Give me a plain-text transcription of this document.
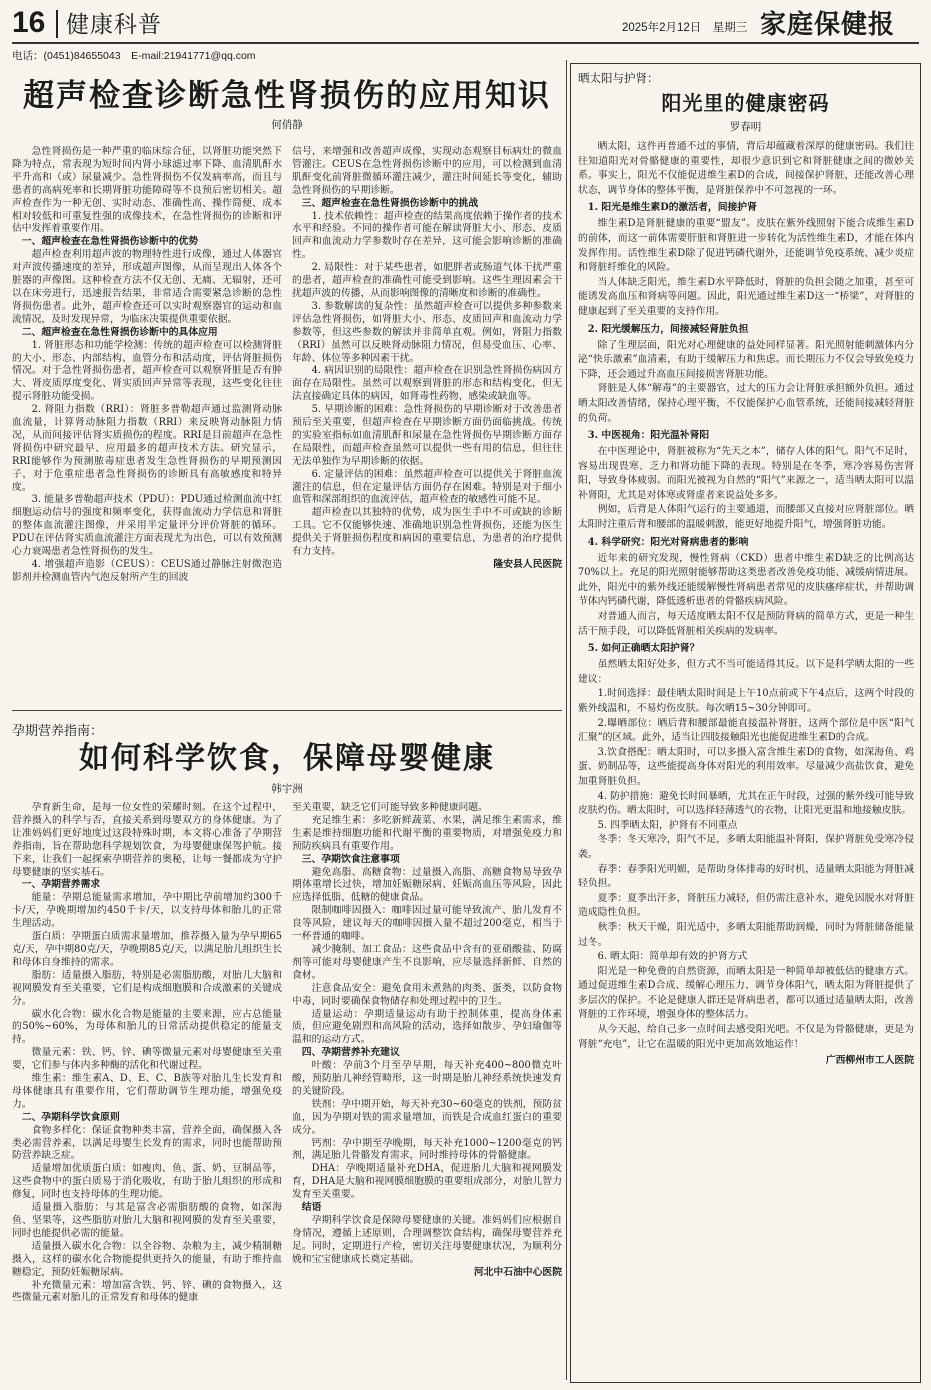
16 健康科普	2025年2月12日　星期三 家庭保健报
电话：(0451)84655043　E-mail:21941771@qq.com
超声检查诊断急性肾损伤的应用知识
何俏静

急性肾损伤是一种严重的临床综合征，以肾脏功能突然下降为特点，常表现为短时间内肾小球滤过率下降、血清肌酐水平升高和（或）尿量减少。急性肾损伤不仅发病率高，而且与患者的高病死率和长期肾脏功能障碍等不良预后密切相关。超声检查作为一种无创、实时动态、准确性高、操作简便、成本相对较低和可重复性强的成像技术，在急性肾损伤的诊断和评估中发挥着重要作用。

一、超声检查在急性肾损伤诊断中的优势

超声检查利用超声波的物理特性进行成像，通过人体器官对声波传播速度的差异，形成超声图像，从而呈现出人体各个脏器的声像图。这种检查方法不仅无创、无痛、无辐射，还可以在床旁进行，迅速报告结果，非常适合需要紧急诊断的急性肾损伤患者。此外，超声检查还可以实时观察器官的运动和血流情况，及时发现异常，为临床决策提供重要依据。

二、超声检查在急性肾损伤诊断中的具体应用

1. 肾脏形态和功能学检测：传统的超声检查可以检测肾脏的大小、形态、内部结构、血管分布和活动度，评估肾脏损伤情况。对于急性肾损伤患者，超声检查可以观察肾脏是否有肿大、肾皮质厚度变化、肾实质回声异常等表现，这些变化往往提示肾脏功能受损。

2. 肾阻力指数（RRI）：肾脏多普勒超声通过监测肾动脉血流量，计算肾动脉阻力指数（RRI）来反映肾动脉阻力情况，从而间接评估肾实质损伤的程度。RRI是目前超声在急性肾损伤中研究最早、应用最多的超声技术方法。研究显示，RRI能够作为预测脓毒症患者发生急性肾损伤的早期预测因子，对于危重症患者急性肾损伤的诊断具有高敏感度和特异度。

3. 能量多普勒超声技术（PDU）：PDU通过检测血流中红细胞运动信号的强度和频率变化，获得血流动力学信息和肾脏的整体血流灌注图像，并采用半定量评分评价肾脏的循环。PDU在评估肾实质血流灌注方面表现尤为出色，可以有效预测心力衰竭患者急性肾损伤的发生。

4. 增强超声造影（CEUS）：CEUS通过静脉注射微泡造影剂并检测血管内气泡反射所产生的回波

信号，来增强和改善超声成像，实现动态观察目标病灶的微血管灌注。CEUS在急性肾损伤诊断中的应用，可以检测到血清肌酐变化前肾脏微循环灌注减少，灌注时间延长等变化，辅助急性肾损伤的早期诊断。

三、超声检查在急性肾损伤诊断中的挑战

1. 技术依赖性：超声检查的结果高度依赖于操作者的技术水平和经验。不同的操作者可能在解读肾脏大小、形态、皮质回声和血流动力学参数时存在差异，这可能会影响诊断的准确性。

2. 局限性：对于某些患者，如肥胖者或肠道气体干扰严重的患者，超声检查的准确性可能受到影响。这些生理因素会干扰超声波的传播，从而影响图像的清晰度和诊断的准确性。

3. 参数解读的复杂性：虽然超声检查可以提供多种参数来评估急性肾损伤，如肾脏大小、形态、皮质回声和血流动力学参数等，但这些参数的解读并非简单直观。例如，肾阻力指数（RRI）虽然可以反映肾动脉阻力情况，但易受血压、心率、年龄、体位等多种因素干扰。

4. 病因识别的局限性：超声检查在识别急性肾损伤病因方面存在局限性。虽然可以观察到肾脏的形态和结构变化，但无法直接确定具体的病因，如肾毒性药物、感染或缺血等。

5. 早期诊断的困难：急性肾损伤的早期诊断对于改善患者预后至关重要，但超声检查在早期诊断方面仍面临挑战。传统的实验室指标如血清肌酐和尿量在急性肾损伤早期诊断方面存在局限性，而超声检查虽然可以提供一些有用的信息，但往往无法单独作为早期诊断的依据。

6. 定量评估的困难：虽然超声检查可以提供关于肾脏血流灌注的信息，但在定量评估方面仍存在困难。特别是对于细小血管和深部组织的血流评估，超声检查的敏感性可能不足。

超声检查以其独特的优势，成为医生手中不可或缺的诊断工具。它不仅能够快速、准确地识别急性肾损伤，还能为医生提供关于肾脏损伤程度和病因的重要信息，为患者的治疗提供有力支持。

隆安县人民医院

孕期营养指南：
如何科学饮食，保障母婴健康
韩宇洲

孕育新生命，是每一位女性的荣耀时刻。在这个过程中，营养摄入的科学与否，直接关系到母婴双方的身体健康。为了让准妈妈们更好地度过这段特殊时期，本文将心准备了孕期营养指南，旨在帮助您科学规划饮食，为母婴健康保驾护航。接下来，让我们一起探索孕期营养的奥秘，让每一餐都成为守护母婴健康的坚实基石。

一、孕期营养需求

能量：孕期总能量需求增加，孕中期比孕前增加约300千卡/天，孕晚期增加约450千卡/天，以支持母体和胎儿的正常生理活动。

蛋白质：孕期蛋白质需求量增加，推荐摄入量为孕早期65克/天，孕中期80克/天，孕晚期85克/天，以满足胎儿组织生长和母体自身维持的需求。

脂肪：适量摄入脂肪，特别是必需脂肪酸，对胎儿大脑和视网膜发育至关重要，它们是构成细胞膜和合成激素的关键成分。

碳水化合物：碳水化合物是能量的主要来源，应占总能量的50%~60%，为母体和胎儿的日常活动提供稳定的能量支持。

微量元素：铁、钙、锌、碘等微量元素对母婴健康至关重要，它们参与体内多种酶的活化和代谢过程。

维生素：维生素A、D、E、C、B族等对胎儿生长发育和母体健康具有重要作用，它们帮助调节生理功能，增强免疫力。

二、孕期科学饮食原则

食物多样化：保证食物种类丰富，营养全面，确保摄入各类必需营养素，以满足母婴生长发育的需求，同时也能帮助预防营养缺乏症。

适量增加优质蛋白质：如瘦肉、鱼、蛋、奶、豆制品等，这些食物中的蛋白质易于消化吸收，有助于胎儿组织的形成和修复，同时也支持母体的生理功能。

适量摄入脂肪：与其是富含必需脂肪酸的食物，如深海鱼、坚果等，这些脂肪对胎儿大脑和视网膜的发育至关重要，同时也能提供必需的能量。

适量摄入碳水化合物：以全谷物、杂粮为主，减少精制糖摄入，这样的碳水化合物能提供更持久的能量，有助于维持血糖稳定，预防妊娠糖尿病。

补充微量元素：增加富含铁、钙、锌、碘的食物摄入，这些微量元素对胎儿的正常发育和母体的健康

至关重要，缺乏它们可能导致多种健康问题。

充足维生素：多吃新鲜蔬菜、水果，满足维生素需求，维生素是维持细胞功能和代谢平衡的重要物质，对增强免疫力和预防疾病具有重要作用。

三、孕期饮食注意事项

避免高脂、高糖食物：过量摄入高脂、高糖食物易导致孕期体重增长过快，增加妊娠糖尿病、妊娠高血压等风险，因此应选择低脂、低糖的健康食品。

限制咖啡因摄入：咖啡因过量可能导致流产、胎儿发育不良等风险，建议每天的咖啡因摄入量不超过200毫克，相当于一杯普通的咖啡。

减少腌制、加工食品：这些食品中含有的亚硝酸盐、防腐剂等可能对母婴健康产生不良影响，应尽量选择新鲜、自然的食材。

注意食品安全：避免食用未煮熟的肉类、蛋类，以防食物中毒，同时要确保食物储存和处理过程中的卫生。

适量运动：孕期适量运动有助于控制体重，提高身体素质，但应避免剧烈和高风险的活动，选择如散步、孕妇瑜伽等温和的运动方式。

四、孕期营养补充建议

叶酸：孕前3个月至孕早期，每天补充400~800微克叶酸，预防胎儿神经管畸形，这一时期是胎儿神经系统快速发育的关键阶段。

铁剂：孕中期开始，每天补充30~60毫克的铁剂，预防贫血，因为孕期对铁的需求量增加，而铁是合成血红蛋白的重要成分。

钙剂：孕中期至孕晚期，每天补充1000~1200毫克的钙剂，满足胎儿骨骼发育需求，同时维持母体的骨骼健康。

DHA：孕晚期适量补充DHA，促进胎儿大脑和视网膜发育，DHA是大脑和视网膜细胞膜的重要组成部分，对胎儿智力发育至关重要。

结语

孕期科学饮食是保障母婴健康的关键。准妈妈们应根据自身情况，遵循上述原则，合理调整饮食结构，确保母婴营养充足。同时，定期进行产检，密切关注母婴健康状况，为顺利分娩和宝宝健康成长奠定基础。

河北中石油中心医院

晒太阳与护肾：
阳光里的健康密码
罗春明

晒太阳，这件再普通不过的事情，背后却蕴藏着深厚的健康密码。我们往往知道阳光对骨骼健康的重要性，却很少意识到它和肾脏健康之间的微妙关系。事实上，阳光不仅能促进维生素D的合成，间接保护肾脏，还能改善心理状态，调节身体的整体平衡，是肾脏保养中不可忽视的一环。

1. 阳光是维生素D的激活者，间接护肾

维生素D是肾脏健康的重要“盟友”。皮肤在紫外线照射下能合成维生素D的前体，而这一前体需要肝脏和肾脏进一步转化为活性维生素D，才能在体内发挥作用。活性维生素D除了促进钙磷代谢外，还能调节免疫系统、减少炎症和肾脏纤维化的风险。

当人体缺乏阳光，维生素D水平降低时，肾脏的负担会随之加重，甚至可能诱发高血压和肾病等问题。因此，阳光通过维生素D这一“桥梁”，对肾脏的健康起到了至关重要的支持作用。

2. 阳光缓解压力，间接减轻肾脏负担

除了生理层面，阳光对心理健康的益处同样显著。阳光照射能刺激体内分泌“快乐激素”血清素，有助于缓解压力和焦虑。而长期压力不仅会导致免疫力下降，还会通过升高血压间接损害肾脏功能。

肾脏是人体“解毒”的主要器官，过大的压力会让肾脏承担额外负担。通过晒太阳改善情绪，保持心理平衡，不仅能保护心血管系统，还能间接减轻肾脏的负荷。

3. 中医视角：阳光温补肾阳

在中医理论中，肾脏被称为“先天之本”，储存人体的阳气。阳气不足时，容易出现畏寒、乏力和肾功能下降的表现。特别是在冬季，寒冷容易伤害肾阳，导致身体疲弱。而阳光被视为自然的“阳气”来源之一，适当晒太阳可以温补肾阳，尤其是对体寒或肾虚者来说益处多多。

例如，后背是人体阳气运行的主要通道，而腰部又直接对应肾脏部位。晒太阳时注重后背和腰部的温暖刺激，能更好地提升阳气，增强肾脏功能。

4. 科学研究：阳光对肾病患者的影响

近年来的研究发现，慢性肾病（CKD）患者中维生素D缺乏的比例高达70%以上。充足的阳光照射能够帮助这类患者改善免疫功能、减缓病情进展。此外，阳光中的紫外线还能缓解慢性肾病患者常见的皮肤瘙痒症状，并帮助调节体内钙磷代谢，降低透析患者的骨骼疾病风险。

对普通人而言，每天适度晒太阳不仅是预防肾病的简单方式，更是一种生活干预手段，可以降低肾脏相关疾病的发病率。

5. 如何正确晒太阳护肾？

虽然晒太阳好处多，但方式不当可能适得其反。以下是科学晒太阳的一些建议：

1.时间选择：最佳晒太阳时间是上午10点前或下午4点后，这两个时段的紫外线温和，不易灼伤皮肤。每次晒15~30分钟即可。

2.曝晒部位：晒后背和腰部最能直接温补肾脏，这两个部位是中医“阳气汇聚”的区域。此外，适当让四肢接触阳光也能促进维生素D的合成。

3.饮食搭配：晒太阳时，可以多摄入富含维生素D的食物，如深海鱼、鸡蛋、奶制品等，这些能提高身体对阳光的利用效率。尽量减少高盐饮食，避免加重肾脏负担。

4. 防护措施：避免长时间暴晒，尤其在正午时段，过强的紫外线可能导致皮肤灼伤。晒太阳时，可以选择轻薄透气的衣物，让阳光更温和地接触皮肤。

5. 四季晒太阳，护肾有不同重点

冬季：冬天寒冷，阳气不足，多晒太阳能温补肾阳，保护肾脏免受寒冷侵袭。

春季：春季阳光明媚，是帮助身体排毒的好时机，适量晒太阳能为肾脏减轻负担。

夏季：夏季出汗多，肾脏压力减轻，但仍需注意补水，避免因脱水对肾脏造成隐性负担。

秋季：秋天干燥，阳光适中，多晒太阳能帮助润燥，同时为肾脏储备能量过冬。

6. 晒太阳：简单却有效的护肾方式

阳光是一种免费的自然资源，而晒太阳是一种简单却被低估的健康方式。通过促进维生素D合成、缓解心理压力、调节身体阳气，晒太阳为肾脏提供了多层次的保护。不论是健康人群还是肾病患者，都可以通过适量晒太阳，改善肾脏的工作环境，增强身体的整体活力。

从今天起，给自己多一点时间去感受阳光吧。不仅是为骨骼健康，更是为肾脏“充电”，让它在温暖的阳光中更加高效地运作！

广西柳州市工人医院
